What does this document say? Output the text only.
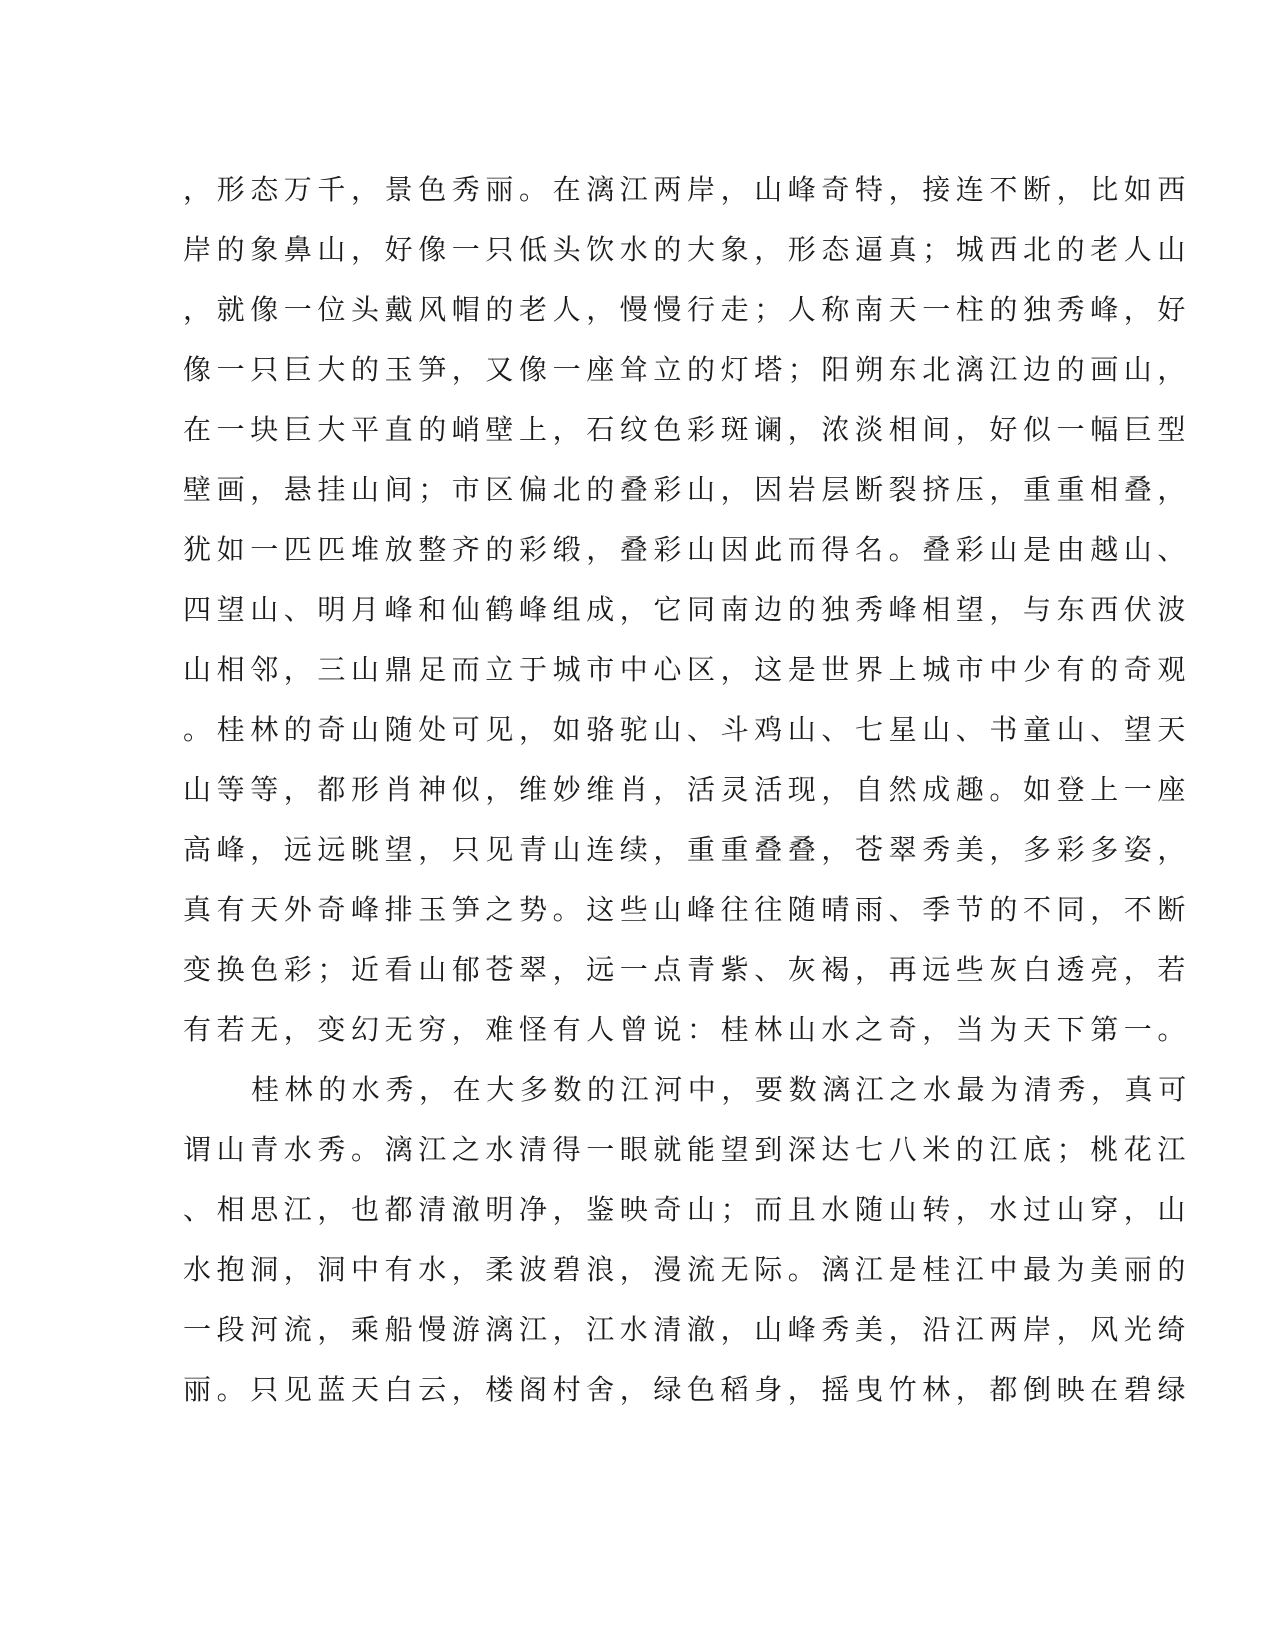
，形态万千，景色秀丽。在漓江两岸，山峰奇特，接连不断，比如西
岸的象鼻山，好像一只低头饮水的大象，形态逼真；城西北的老人山
，就像一位头戴风帽的老人，慢慢行走；人称南天一柱的独秀峰，好
像一只巨大的玉笋，又像一座耸立的灯塔；阳朔东北漓江边的画山，
在一块巨大平直的峭壁上，石纹色彩斑谰，浓淡相间，好似一幅巨型
壁画，悬挂山间；市区偏北的叠彩山，因岩层断裂挤压，重重相叠，
犹如一匹匹堆放整齐的彩缎，叠彩山因此而得名。叠彩山是由越山、
四望山、明月峰和仙鹤峰组成，它同南边的独秀峰相望，与东西伏波
山相邻，三山鼎足而立于城市中心区，这是世界上城市中少有的奇观
。桂林的奇山随处可见，如骆驼山、斗鸡山、七星山、书童山、望天
山等等，都形肖神似，维妙维肖，活灵活现，自然成趣。如登上一座
高峰，远远眺望，只见青山连续，重重叠叠，苍翠秀美，多彩多姿，
真有天外奇峰排玉笋之势。这些山峰往往随晴雨、季节的不同，不断
变换色彩；近看山郁苍翠，远一点青紫、灰褐，再远些灰白透亮，若
有若无，变幻无穷，难怪有人曾说：桂林山水之奇，当为天下第一。
桂林的水秀，在大多数的江河中，要数漓江之水最为清秀，真可
谓山青水秀。漓江之水清得一眼就能望到深达七八米的江底；桃花江
、相思江，也都清澈明净，鉴映奇山；而且水随山转，水过山穿，山
水抱洞，洞中有水，柔波碧浪，漫流无际。漓江是桂江中最为美丽的
一段河流，乘船慢游漓江，江水清澈，山峰秀美，沿江两岸，风光绮
丽。只见蓝天白云，楼阁村舍，绿色稻身，摇曳竹林，都倒映在碧绿
